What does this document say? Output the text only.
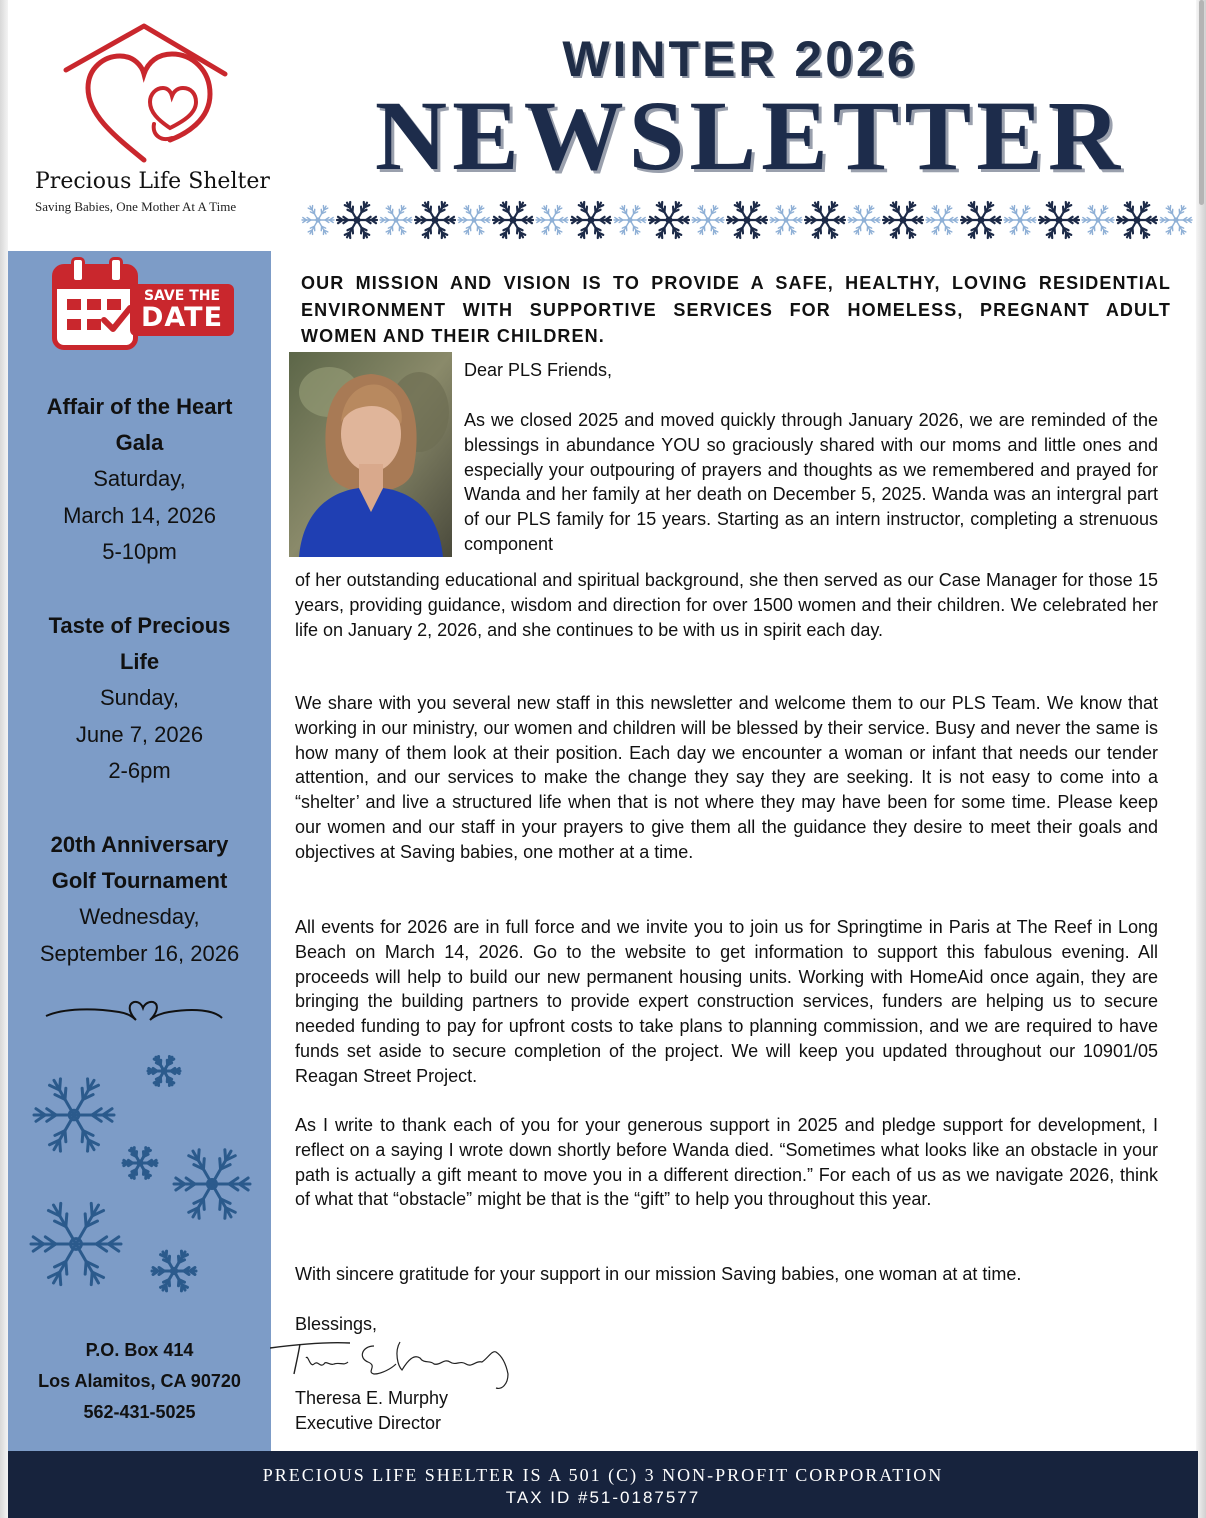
Precious Life Shelter
Saving Babies, One Mother At A Time
WINTER 2026
NEWSLETTER
SAVE THE
DATE
Affair of the Heart
Gala
Saturday,
March 14, 2026
5-10pm
Taste of Precious
Life
Sunday,
June 7, 2026
2-6pm
20th Anniversary
Golf Tournament
Wednesday,
September 16, 2026
P.O. Box 414
Los Alamitos, CA 90720
562-431-5025
OUR MISSION AND VISION IS TO PROVIDE A SAFE, HEALTHY, LOVING RESIDENTIAL ENVIRONMENT WITH SUPPORTIVE SERVICES FOR HOMELESS, PREGNANT ADULT WOMEN AND THEIR CHILDREN.
Dear PLS Friends,
As we closed 2025 and moved quickly through January 2026, we are reminded of the blessings in abundance YOU so graciously shared with our moms and little ones and especially your outpouring of prayers and thoughts as we remembered and prayed for Wanda and her family at her death on December 5, 2025. Wanda was an intergral part of our PLS family for 15 years. Starting as an intern instructor, completing a strenuous component
of her outstanding educational and spiritual background, she then served as our Case Manager for those 15 years, providing guidance, wisdom and direction for over 1500 women and their children. We celebrated her life on January 2, 2026, and she continues to be with us in spirit each day.
We share with you several new staff in this newsletter and welcome them to our PLS Team. We know that working in our ministry, our women and children will be blessed by their service. Busy and never the same is how many of them look at their position. Each day we encounter a woman or infant that needs our tender attention, and our services to make the change they say they are seeking. It is not easy to come into a “shelter’ and live a structured life when that is not where they may have been for some time. Please keep our women and our staff in your prayers to give them all the guidance they desire to meet their goals and objectives at Saving babies, one mother at a time.
All events for 2026 are in full force and we invite you to join us for Springtime in Paris at The Reef in Long Beach on March 14, 2026. Go to the website to get information to support this fabulous evening. All proceeds will help to build our new permanent housing units. Working with HomeAid once again, they are bringing the building partners to provide expert construction services, funders are helping us to secure needed funding to pay for upfront costs to take plans to planning commission, and we are required to have funds set aside to secure completion of the project. We will keep you updated throughout our 10901/05 Reagan Street Project.
As I write to thank each of you for your generous support in 2025 and pledge support for development, I reflect on a saying I wrote down shortly before Wanda died. “Sometimes what looks like an obstacle in your path is actually a gift meant to move you in a different direction.” For each of us as we navigate 2026, think of what that “obstacle” might be that is the “gift” to help you throughout this year.
With sincere gratitude for your support in our mission Saving babies, one woman at at time.
Blessings,
Theresa E. Murphy
Executive Director
PRECIOUS LIFE SHELTER IS A 501 (C) 3 NON-PROFIT CORPORATION
TAX ID #51-0187577
